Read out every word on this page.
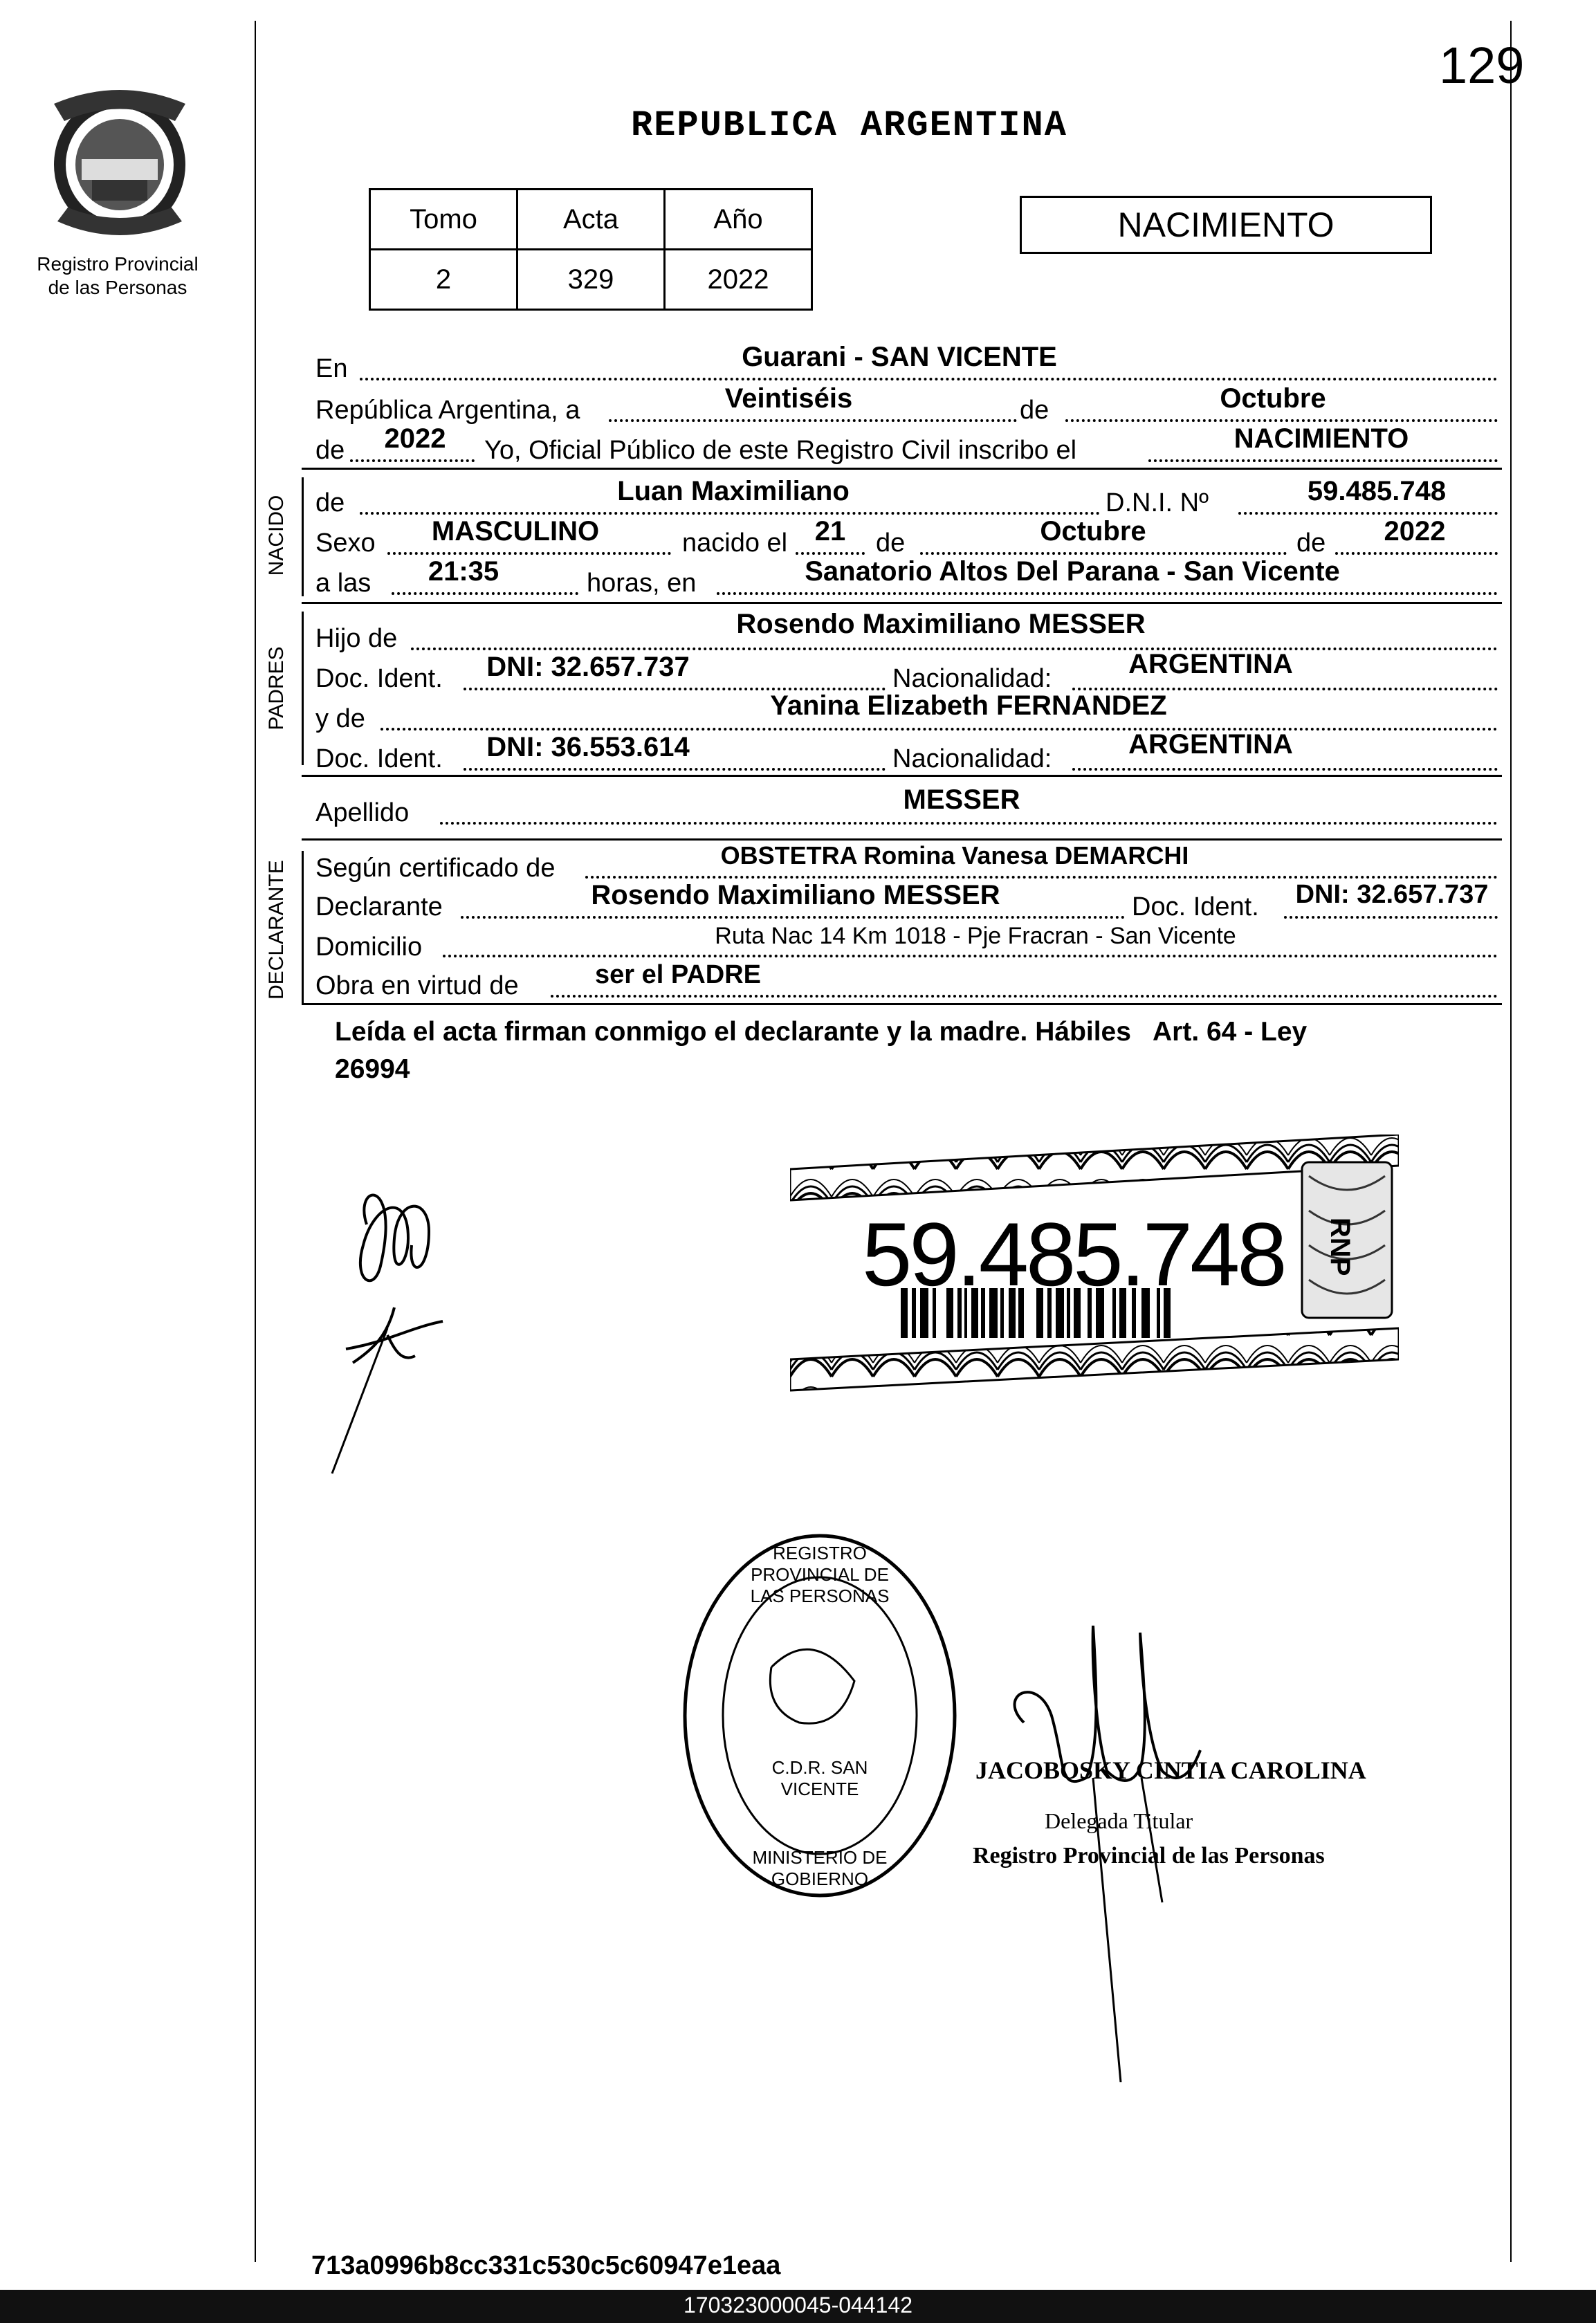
129
Registro Provincial
de las Personas
REPUBLICA ARGENTINA
Tomo	Acta	Año
2	329	2022
NACIMIENTO
En	Guarani - SAN VICENTE
República Argentina, a	Veintiséis	de	Octubre
de	2022	Yo, Oficial Público de este Registro Civil inscribo el	NACIMIENTO
NACIDO de	Luan Maximiliano	D.N.I. Nº	59.485.748
Sexo	MASCULINO	nacido el 21	de	Octubre	de	2022
a las	21:35	horas, en	Sanatorio Altos Del Parana - San Vicente
PADRES
Hijo de	Rosendo Maximiliano MESSER
Doc. Ident.	DNI: 32.657.737	Nacionalidad:	ARGENTINA
y de	Yanina Elizabeth FERNANDEZ
Doc. Ident.	DNI: 36.553.614	Nacionalidad:	ARGENTINA
Apellido	MESSER
DECLARANTE Según certificado de	OBSTETRA Romina Vanesa DEMARCHI
Declarante	Rosendo Maximiliano MESSER	Doc. Ident.	DNI: 32.657.737
Domicilio	Ruta Nac 14 Km 1018 - Pje Fracran - San Vicente
Obra en virtud de	ser el PADRE
Leída el acta firman conmigo el declarante y la madre. Hábiles   Art. 64 - Ley
26994
59.485.748 RNP
REGISTRO PROVINCIAL DE LAS PERSONAS
C.D.R. SAN VICENTE
MINISTERIO DE GOBIERNO
JACOBOSKY CINTIA CAROLINA
Delegada Titular
Registro Provincial de las Personas
713a0996b8cc331c530c5c60947e1eaa
170323000045-044142
